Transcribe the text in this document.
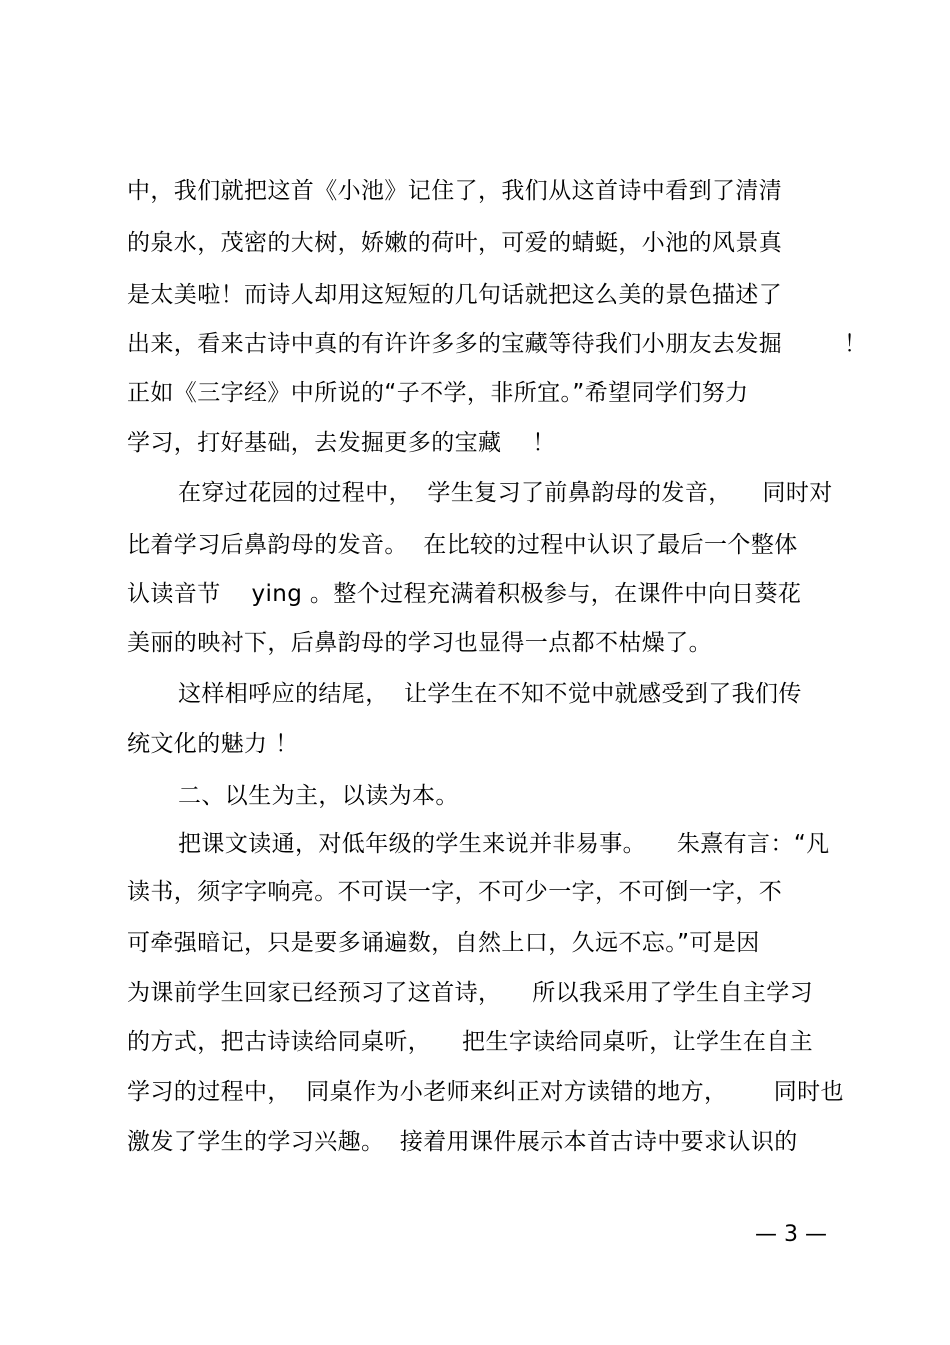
中，我们就把这首《小池》记住了，我们从这首诗中看到了清清
的泉水，茂密的大树，娇嫩的荷叶，可爱的蜻蜓，小池的风景真
是太美啦！而诗人却用这短短的几句话就把这么美的景色描述了
出来，看来古诗中真的有许许多多的宝藏等待我们小朋友去发掘        ！
正如《三字经》中所说的“子不学，非所宜。”希望同学们努力
学习，打好基础，去发掘更多的宝藏    ！
在穿过花园的过程中，  学生复习了前鼻韵母的发音，    同时对
比着学习后鼻韵母的发音。  在比较的过程中认识了最后一个整体
认读音节    ying 。整个过程充满着积极参与，在课件中向日葵花
美丽的映衬下，后鼻韵母的学习也显得一点都不枯燥了。
这样相呼应的结尾，  让学生在不知不觉中就感受到了我们传
统文化的魅力 ！
二、以生为主，以读为本。
把课文读通，对低年级的学生来说并非易事。    朱熹有言：“凡
读书，须字字响亮。不可误一字，不可少一字，不可倒一字，不
可牵强暗记，只是要多诵遍数，自然上口，久远不忘。”可是因
为课前学生回家已经预习了这首诗，    所以我采用了学生自主学习
的方式，把古诗读给同桌听，    把生字读给同桌听，让学生在自主
学习的过程中，  同桌作为小老师来纠正对方读错的地方，      同时也
激发了学生的学习兴趣。  接着用课件展示本首古诗中要求认识的
— 3 —
